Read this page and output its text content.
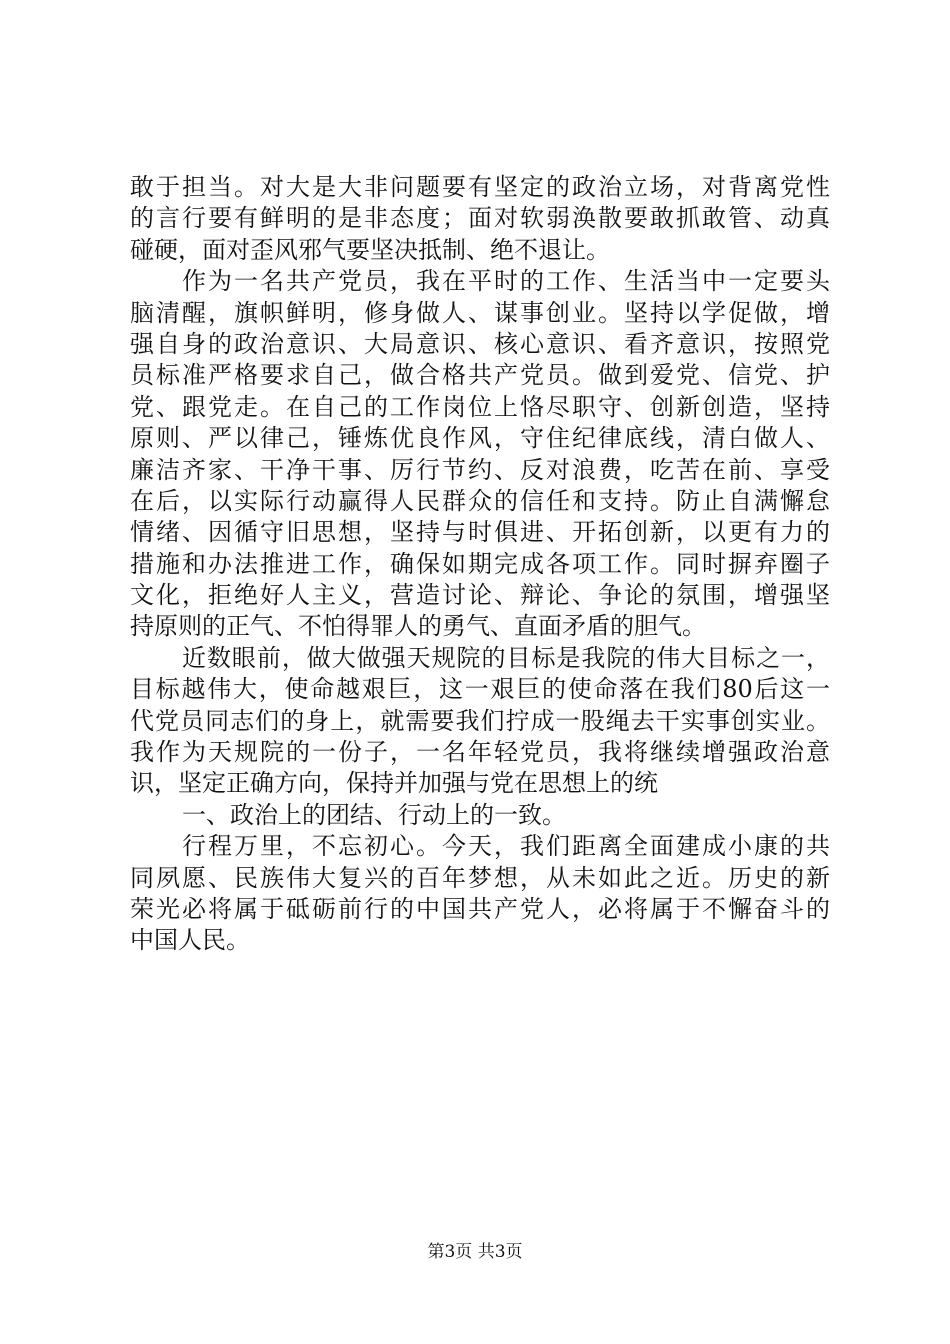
敢于担当。对大是大非问题要有坚定的政治立场，对背离党性
的言行要有鲜明的是非态度；面对软弱涣散要敢抓敢管、动真
碰硬，面对歪风邪气要坚决抵制、绝不退让。
作为一名共产党员，我在平时的工作、生活当中一定要头
脑清醒，旗帜鲜明，修身做人、谋事创业。坚持以学促做，增
强自身的政治意识、大局意识、核心意识、看齐意识，按照党
员标准严格要求自己，做合格共产党员。做到爱党、信党、护
党、跟党走。在自己的工作岗位上恪尽职守、创新创造，坚持
原则、严以律己，锤炼优良作风，守住纪律底线，清白做人、
廉洁齐家、干净干事、厉行节约、反对浪费，吃苦在前、享受
在后，以实际行动赢得人民群众的信任和支持。防止自满懈怠
情绪、因循守旧思想，坚持与时俱进、开拓创新，以更有力的
措施和办法推进工作，确保如期完成各项工作。同时摒弃圈子
文化，拒绝好人主义，营造讨论、辩论、争论的氛围，增强坚
持原则的正气、不怕得罪人的勇气、直面矛盾的胆气。
近数眼前，做大做强天规院的目标是我院的伟大目标之一，
目标越伟大，使命越艰巨，这一艰巨的使命落在我们80后这一
代党员同志们的身上，就需要我们拧成一股绳去干实事创实业。
我作为天规院的一份子，一名年轻党员，我将继续增强政治意
识，坚定正确方向，保持并加强与党在思想上的统
一、政治上的团结、行动上的一致。
行程万里，不忘初心。今天，我们距离全面建成小康的共
同夙愿、民族伟大复兴的百年梦想，从未如此之近。历史的新
荣光必将属于砥砺前行的中国共产党人，必将属于不懈奋斗的
中国人民。
第3页 共3页
